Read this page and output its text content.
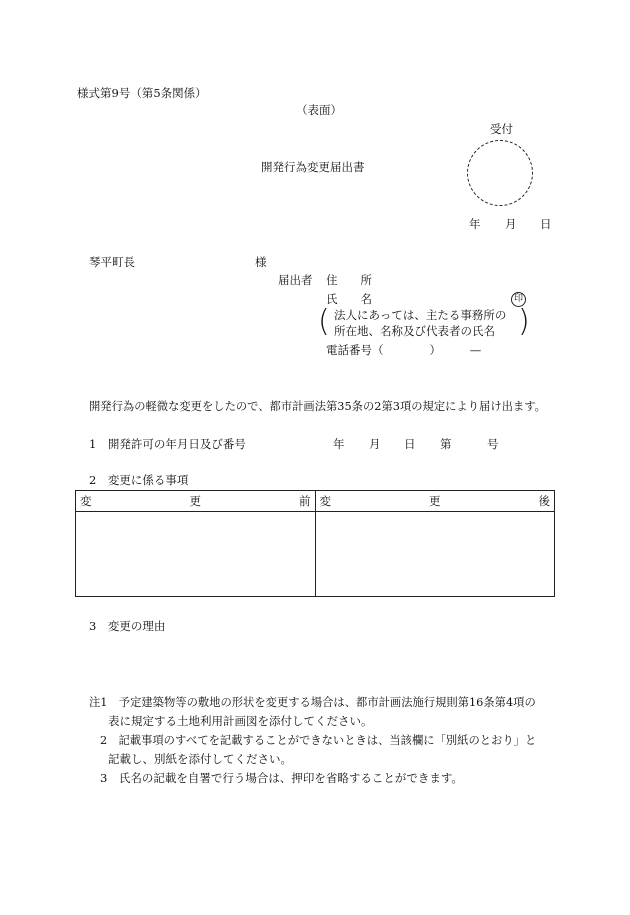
様式第9号（第5条関係）
（表面）
受付
開発行為変更届出書
年 月 日
琴平町長	様
届出者 住　　所
氏　　名	印
( 法人にあっては、主たる事務所の
所在地、名称及び代表者の氏名 )
電話番号（　　　　）　　　—
開発行為の軽微な変更をしたので、都市計画法第35条の2第3項の規定により届け出ます。
1　開発許可の年月日及び番号	年 月 日 第	号
2　変更に係る事項
変 更 前	変 更 後

3　変更の理由
注1　予定建築物等の敷地の形状を変更する場合は、都市計画法施行規則第16条第4項の
表に規定する土地利用計画図を添付してください。
2　記載事項のすべてを記載することができないときは、当該欄に「別紙のとおり」と
記載し、別紙を添付してください。
3　氏名の記載を自署で行う場合は、押印を省略することができます。
